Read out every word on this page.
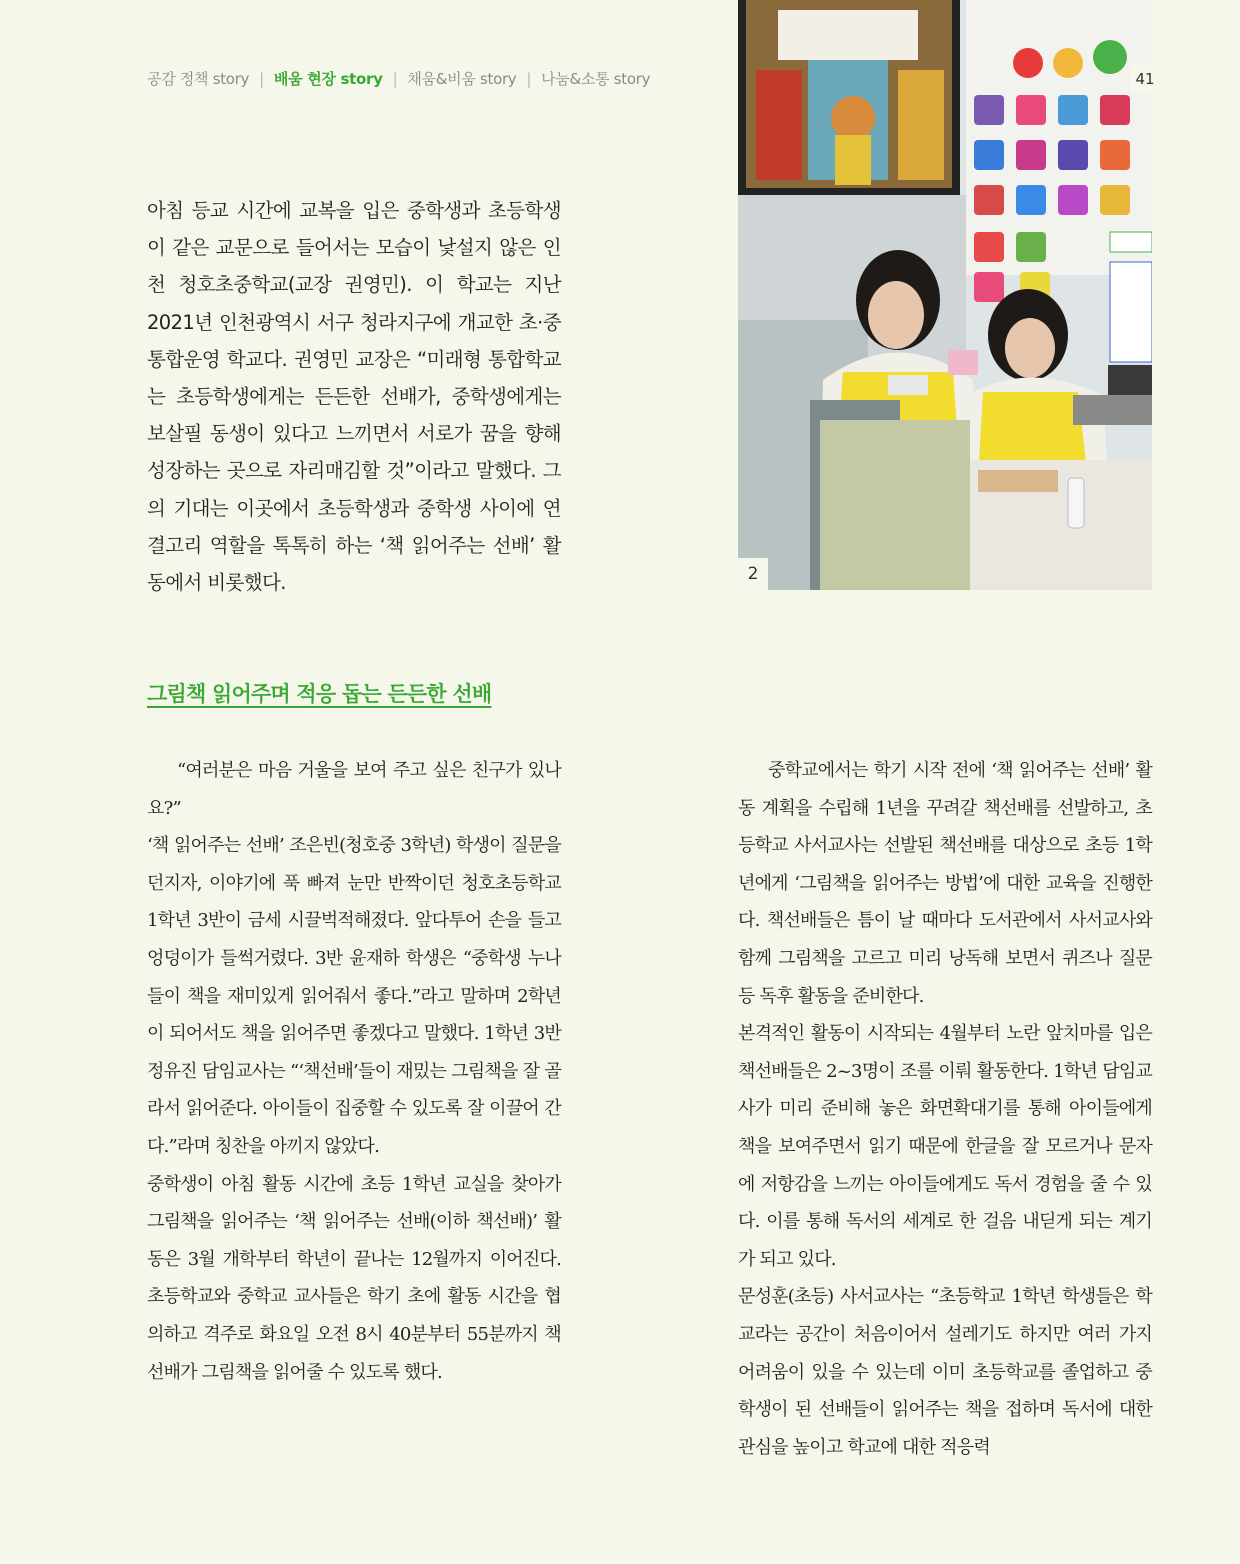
공감 정책 story | 배움 현장 story | 채움&비움 story | 나눔&소통 story

아침 등교 시간에 교복을 입은 중학생과 초등학생이 같은 교문으로 들어서는 모습이 낯설지 않은 인천 청호초중학교(교장 권영민). 이 학교는 지난 2021년 인천광역시 서구 청라지구에 개교한 초·중 통합운영 학교다. 권영민 교장은 “미래형 통합학교는 초등학생에게는 든든한 선배가, 중학생에게는 보살필 동생이 있다고 느끼면서 서로가 꿈을 향해 성장하는 곳으로 자리매김할 것”이라고 말했다. 그의 기대는 이곳에서 초등학생과 중학생 사이에 연결고리 역할을 톡톡히 하는 ‘책 읽어주는 선배’ 활동에서 비롯했다.	2
41
그림책 읽어주며 적응 돕는 든든한 선배

“여러분은 마음 거울을 보여 주고 싶은 친구가 있나요?”

‘책 읽어주는 선배’ 조은빈(청호중 3학년) 학생이 질문을 던지자, 이야기에 푹 빠져 눈만 반짝이던 청호초등학교 1학년 3반이 금세 시끌벅적해졌다. 앞다투어 손을 들고 엉덩이가 들썩거렸다. 3반 윤재하 학생은 “중학생 누나들이 책을 재미있게 읽어줘서 좋다.”라고 말하며 2학년이 되어서도 책을 읽어주면 좋겠다고 말했다. 1학년 3반 정유진 담임교사는 “‘책선배’들이 재밌는 그림책을 잘 골라서 읽어준다. 아이들이 집중할 수 있도록 잘 이끌어 간다.”라며 칭찬을 아끼지 않았다.

중학생이 아침 활동 시간에 초등 1학년 교실을 찾아가 그림책을 읽어주는 ‘책 읽어주는 선배(이하 책선배)’ 활동은 3월 개학부터 학년이 끝나는 12월까지 이어진다. 초등학교와 중학교 교사들은 학기 초에 활동 시간을 협의하고 격주로 화요일 오전 8시 40분부터 55분까지 책선배가 그림책을 읽어줄 수 있도록 했다.

중학교에서는 학기 시작 전에 ‘책 읽어주는 선배’ 활동 계획을 수립해 1년을 꾸려갈 책선배를 선발하고, 초등학교 사서교사는 선발된 책선배를 대상으로 초등 1학년에게 ‘그림책을 읽어주는 방법’에 대한 교육을 진행한다. 책선배들은 틈이 날 때마다 도서관에서 사서교사와 함께 그림책을 고르고 미리 낭독해 보면서 퀴즈나 질문 등 독후 활동을 준비한다.

본격적인 활동이 시작되는 4월부터 노란 앞치마를 입은 책선배들은 2~3명이 조를 이뤄 활동한다. 1학년 담임교사가 미리 준비해 놓은 화면확대기를 통해 아이들에게 책을 보여주면서 읽기 때문에 한글을 잘 모르거나 문자에 저항감을 느끼는 아이들에게도 독서 경험을 줄 수 있다. 이를 통해 독서의 세계로 한 걸음 내딛게 되는 계기가 되고 있다.

문성훈(초등) 사서교사는 “초등학교 1학년 학생들은 학교라는 공간이 처음이어서 설레기도 하지만 여러 가지 어려움이 있을 수 있는데 이미 초등학교를 졸업하고 중학생이 된 선배들이 읽어주는 책을 접하며 독서에 대한 관심을 높이고 학교에 대한 적응력
